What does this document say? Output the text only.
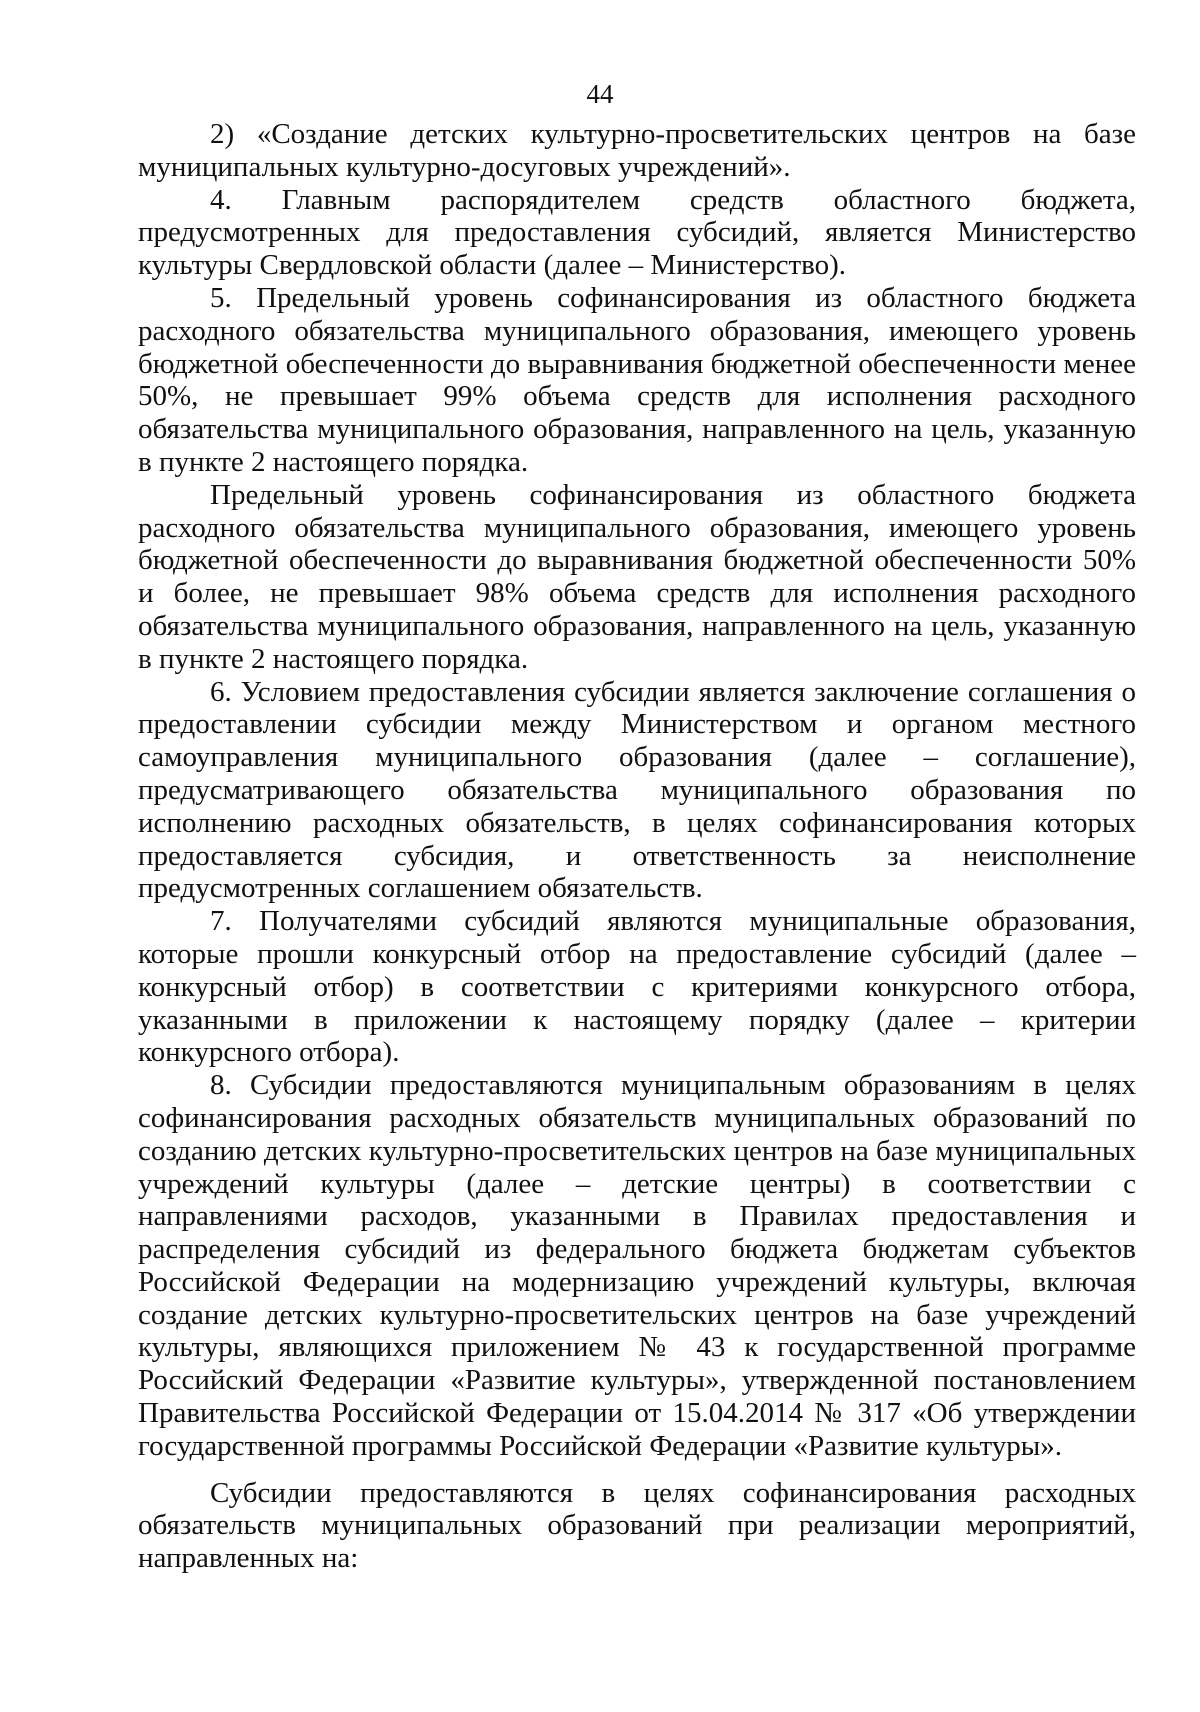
44

2) «Создание детских культурно-просветительских центров на базе муниципальных культурно-досуговых учреждений».

4. Главным распорядителем средств областного бюджета, предусмотренных для предоставления субсидий, является Министерство культуры Свердловской области (далее – Министерство).

5. Предельный уровень софинансирования из областного бюджета расходного обязательства муниципального образования, имеющего уровень бюджетной обеспеченности до выравнивания бюджетной обеспеченности менее 50%, не превышает 99% объема средств для исполнения расходного обязательства муниципального образования, направленного на цель, указанную в пункте 2 настоящего порядка.

Предельный уровень софинансирования из областного бюджета расходного обязательства муниципального образования, имеющего уровень бюджетной обеспеченности до выравнивания бюджетной обеспеченности 50% и более, не превышает 98% объема средств для исполнения расходного обязательства муниципального образования, направленного на цель, указанную в пункте 2 настоящего порядка.

6. Условием предоставления субсидии является заключение соглашения о предоставлении субсидии между Министерством и органом местного самоуправления муниципального образования (далее – соглашение), предусматривающего обязательства муниципального образования по исполнению расходных обязательств, в целях софинансирования которых предоставляется субсидия, и ответственность за неисполнение предусмотренных соглашением обязательств.

7. Получателями субсидий являются муниципальные образования, которые прошли конкурсный отбор на предоставление субсидий (далее – конкурсный отбор) в соответствии с критериями конкурсного отбора, указанными в приложении к настоящему порядку (далее – критерии конкурсного отбора).

8. Субсидии предоставляются муниципальным образованиям в целях софинансирования расходных обязательств муниципальных образований по созданию детских культурно-просветительских центров на базе муниципальных учреждений культуры (далее – детские центры) в соответствии с направлениями расходов, указанными в Правилах предоставления и распределения субсидий из федерального бюджета бюджетам субъектов Российской Федерации на модернизацию учреждений культуры, включая создание детских культурно-просветительских центров на базе учреждений культуры, являющихся приложением № 43 к государственной программе Российский Федерации «Развитие культуры», утвержденной постановлением Правительства Российской Федерации от 15.04.2014 № 317 «Об утверждении государственной программы Российской Федерации «Развитие культуры».

Субсидии предоставляются в целях софинансирования расходных обязательств муниципальных образований при реализации мероприятий, направленных на:
